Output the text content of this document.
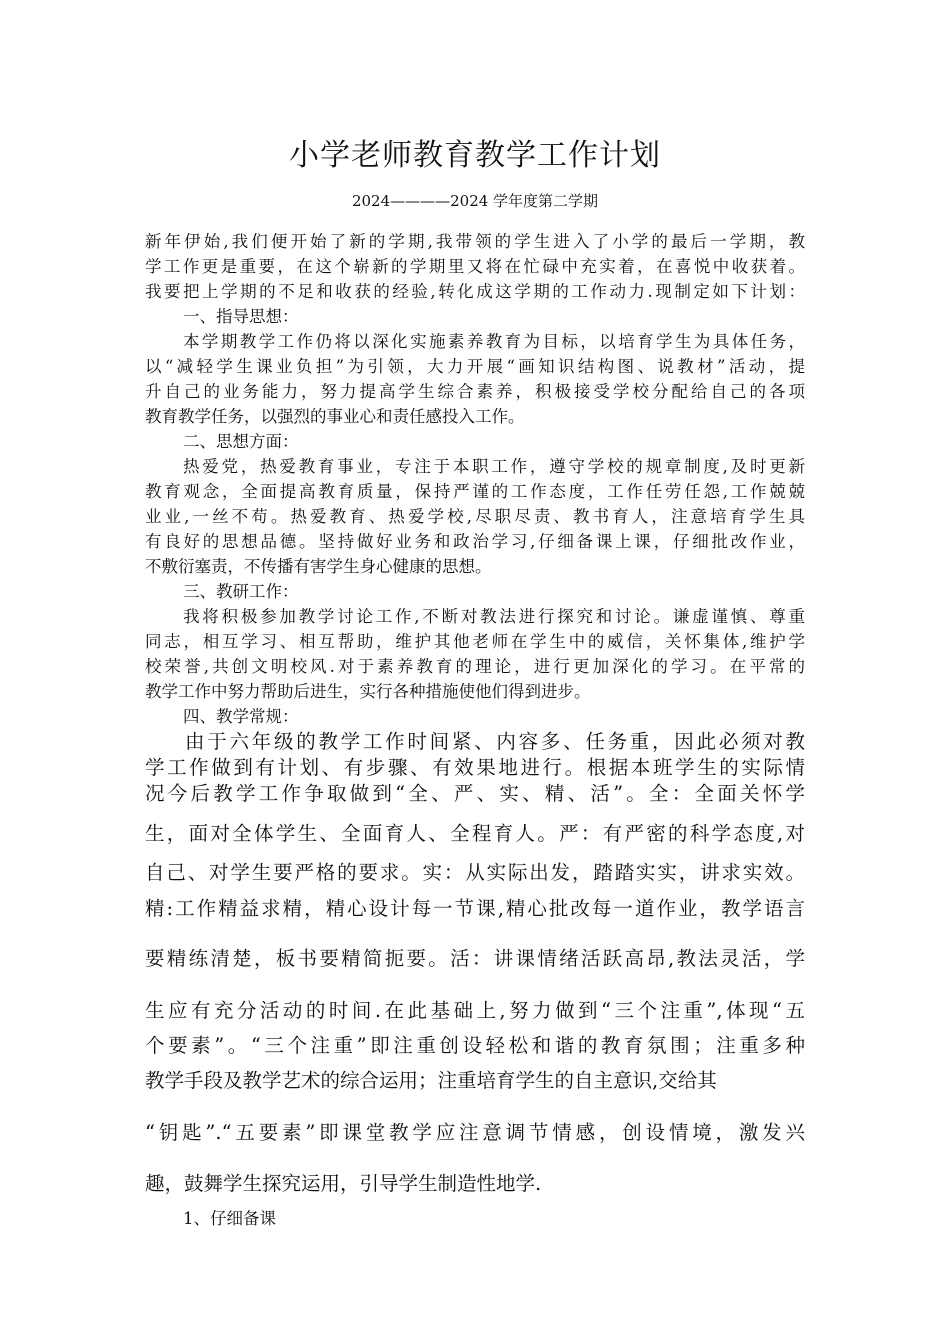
小学老师教育教学工作计划
2024————2024 学年度第二学期
新年伊始,我们便开始了新的学期,我带领的学生进入了小学的最后一学期，教
学工作更是重要，在这个崭新的学期里又将在忙碌中充实着，在喜悦中收获着。
我要把上学期的不足和收获的经验,转化成这学期的工作动力.现制定如下计划：
一、指导思想：
本学期教学工作仍将以深化实施素养教育为目标，以培育学生为具体任务，
以“减轻学生课业负担”为引领，大力开展“画知识结构图、说教材”活动，提
升自己的业务能力，努力提高学生综合素养，积极接受学校分配给自己的各项
教育教学任务，以强烈的事业心和责任感投入工作。
二、思想方面：
热爱党，热爱教育事业，专注于本职工作，遵守学校的规章制度,及时更新
教育观念，全面提高教育质量，保持严谨的工作态度，工作任劳任怨,工作兢兢
业业,一丝不苟。热爱教育、热爱学校,尽职尽责、教书育人，注意培育学生具
有良好的思想品德。坚持做好业务和政治学习,仔细备课上课，仔细批改作业，
不敷衍塞责，不传播有害学生身心健康的思想。
三、教研工作：
我将积极参加教学讨论工作,不断对教法进行探究和讨论。谦虚谨慎、尊重
同志，相互学习、相互帮助，维护其他老师在学生中的威信，关怀集体,维护学
校荣誉,共创文明校风.对于素养教育的理论，进行更加深化的学习。在平常的
教学工作中努力帮助后进生，实行各种措施使他们得到进步。
四、教学常规：
由于六年级的教学工作时间紧、内容多、任务重，因此必须对教
学工作做到有计划、有步骤、有效果地进行。根据本班学生的实际情
况今后教学工作争取做到“全、严、实、精、活”。全：全面关怀学
生，面对全体学生、全面育人、全程育人。严：有严密的科学态度,对
自己、对学生要严格的要求。实：从实际出发，踏踏实实，讲求实效。
精:工作精益求精，精心设计每一节课,精心批改每一道作业，教学语言
要精练清楚，板书要精简扼要。活：讲课情绪活跃高昂,教法灵活，学
生应有充分活动的时间.在此基础上,努力做到“三个注重”,体现“五
个要素”。“三个注重”即注重创设轻松和谐的教育氛围；注重多种
教学手段及教学艺术的综合运用；注重培育学生的自主意识,交给其
“钥匙”.“五要素”即课堂教学应注意调节情感，创设情境，激发兴
趣，鼓舞学生探究运用，引导学生制造性地学.
1、仔细备课
